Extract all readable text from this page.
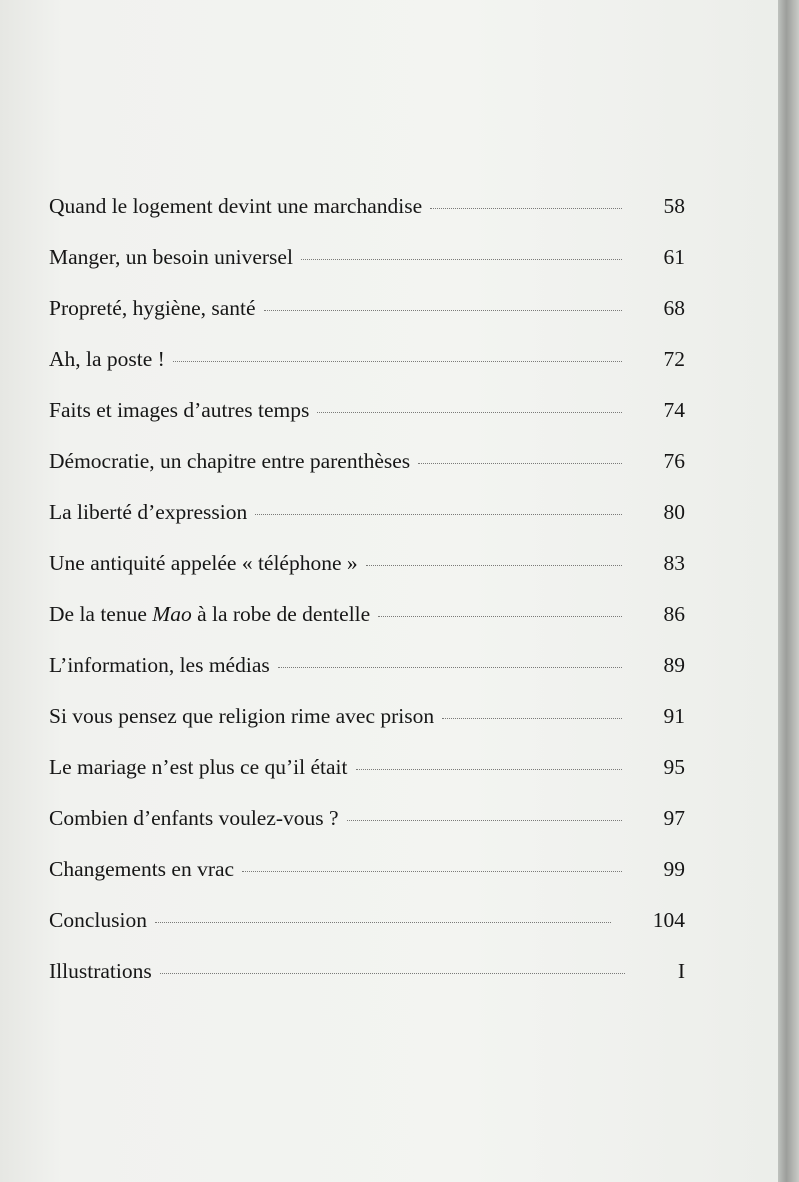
Quand le logement devint une marchandise	58
Manger, un besoin universel	61
Propreté, hygiène, santé	68
Ah, la poste !	72
Faits et images d’autres temps	74
Démocratie, un chapitre entre parenthèses	76
La liberté d’expression	80
Une antiquité appelée « téléphone »	83
De la tenue Mao à la robe de dentelle	86
L’information, les médias	89
Si vous pensez que religion rime avec prison	91
Le mariage n’est plus ce qu’il était	95
Combien d’enfants voulez-vous ?	97
Changements en vrac	99
Conclusion	104
Illustrations	I
